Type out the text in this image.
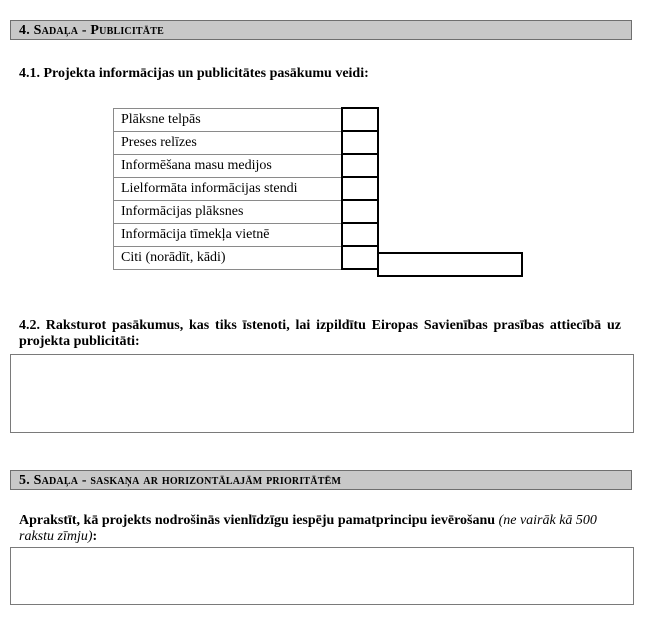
4. Sadaļa - Publicitāte
4.1. Projekta informācijas un publicitātes pasākumu veidi:
Plāksne telpās	
Preses relīzes	
Informēšana masu medijos	
Lielformāta informācijas stendi	
Informācijas plāksnes	
Informācija tīmekļa vietnē	
Citi (norādīt, kādi)	
4.2. Raksturot pasākumus, kas tiks īstenoti, lai izpildītu Eiropas Savienības prasības attiecībā uz projekta publicitāti:
5. Sadaļa - saskaņa ar horizontālajām prioritātēm
Aprakstīt, kā projekts nodrošinās vienlīdzīgu iespēju pamatprincipu ievērošanu (ne vairāk kā 500 rakstu zīmju):
